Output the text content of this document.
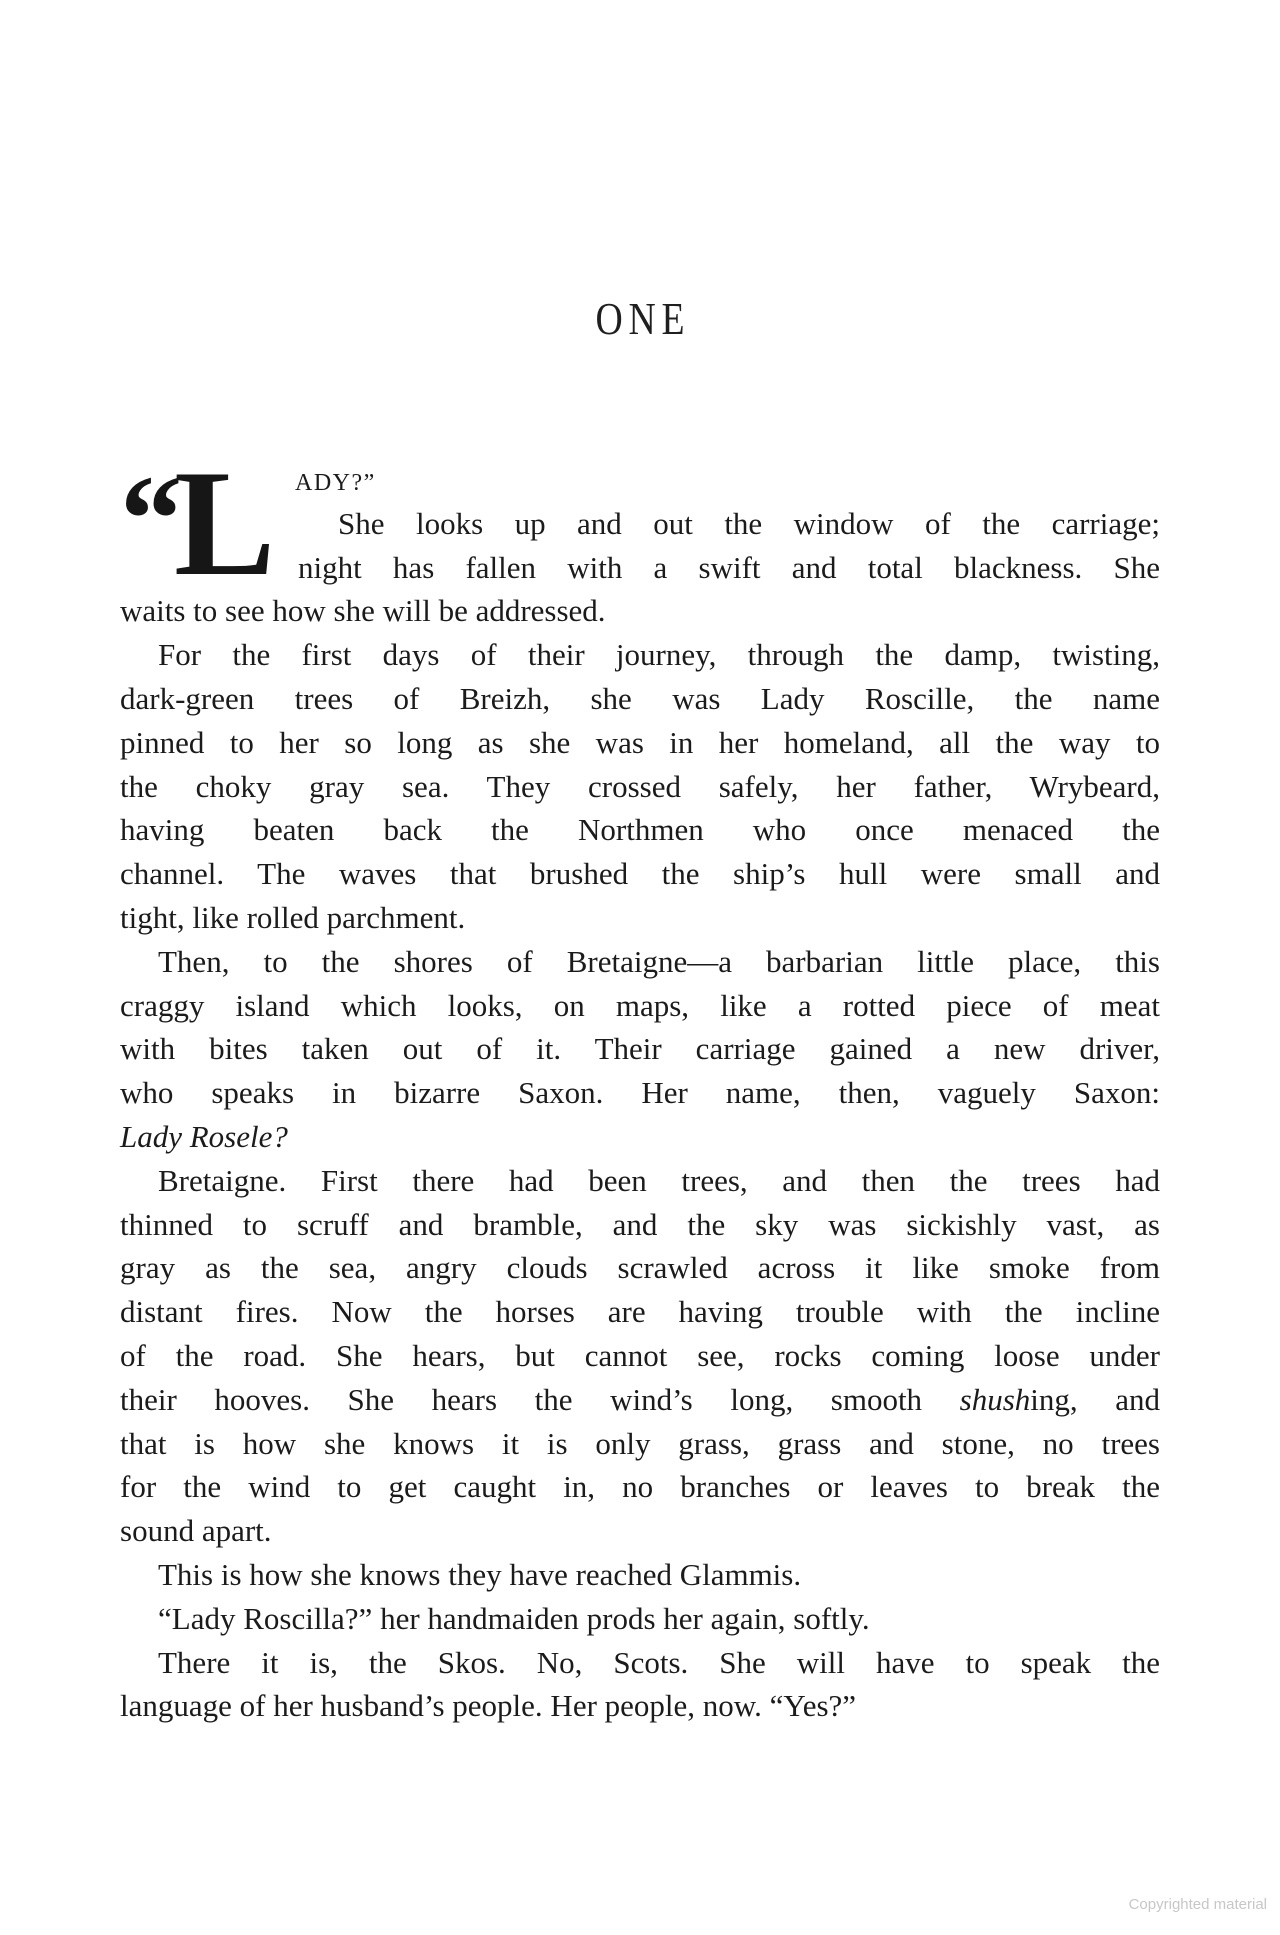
ONE
“
L ADY?”
She looks up and out the window of the carriage;
night has fallen with a swift and total blackness. She
waits to see how she will be addressed.
For the first days of their journey, through the damp, twisting,
dark-green trees of Breizh, she was Lady Roscille, the name
pinned to her so long as she was in her homeland, all the way to
the choky gray sea. They crossed safely, her father, Wrybeard,
having beaten back the Northmen who once menaced the
channel. The waves that brushed the ship’s hull were small and
tight, like rolled parchment.
Then, to the shores of Bretaigne—a barbarian little place, this
craggy island which looks, on maps, like a rotted piece of meat
with bites taken out of it. Their carriage gained a new driver,
who speaks in bizarre Saxon. Her name, then, vaguely Saxon:
Lady Rosele?
Bretaigne. First there had been trees, and then the trees had
thinned to scruff and bramble, and the sky was sickishly vast, as
gray as the sea, angry clouds scrawled across it like smoke from
distant fires. Now the horses are having trouble with the incline
of the road. She hears, but cannot see, rocks coming loose under
their hooves. She hears the wind’s long, smooth shushing, and
that is how she knows it is only grass, grass and stone, no trees
for the wind to get caught in, no branches or leaves to break the
sound apart.
This is how she knows they have reached Glammis.
“Lady Roscilla?” her handmaiden prods her again, softly.
There it is, the Skos. No, Scots. She will have to speak the
language of her husband’s people. Her people, now. “Yes?”
Copyrighted material
